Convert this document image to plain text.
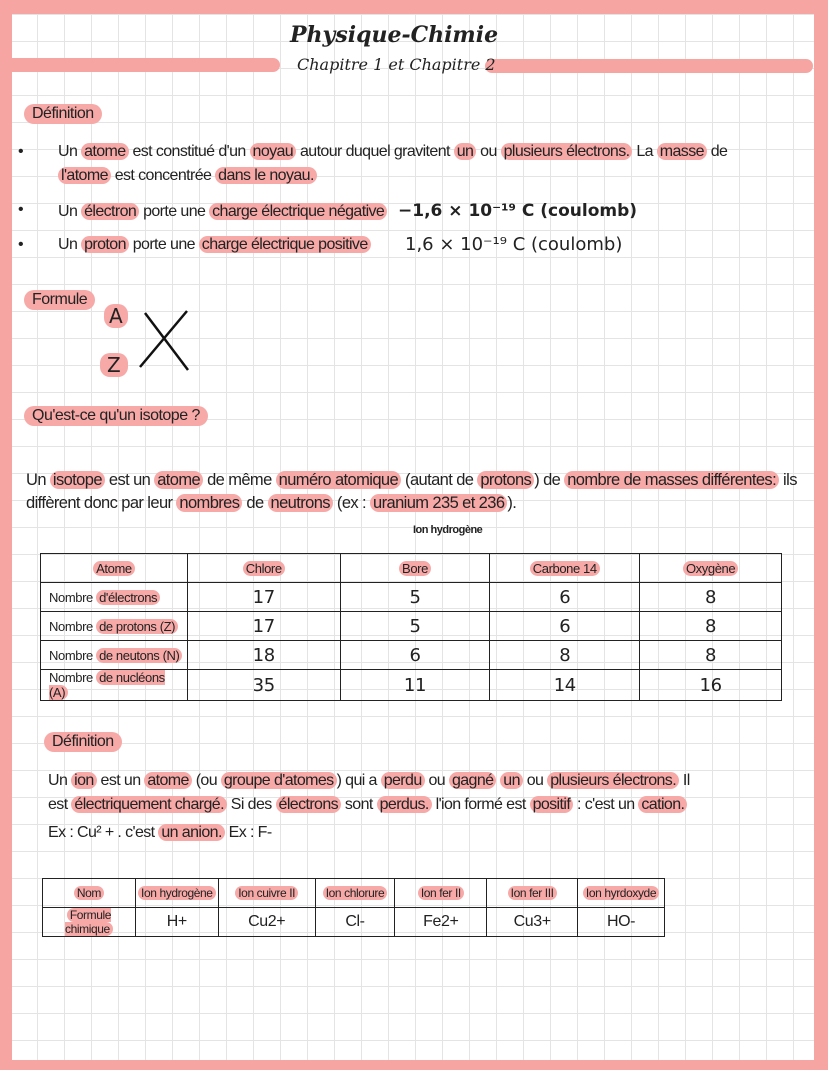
Physique-Chimie
Chapitre 1 et Chapitre 2
Définition
•
•
•
Un atome est constitué d'un noyau autour duquel gravitent un ou plusieurs électrons. La masse de
l'atome est concentrée dans le noyau.
Un électron porte une charge électrique négative
Un proton porte une charge électrique positive
−1,6 × 10⁻¹⁹ C (coulomb)
1,6 × 10⁻¹⁹ C (coulomb)
Formule
A
Z
Qu'est-ce qu'un isotope ?
Un isotope est un atome de même numéro atomique (autant de protons ) de nombre de masses différentes: ils
diffèrent donc par leur nombres de neutrons (ex : uranium 235 et 236 ).
Ion hydrogène
Atome	Chlore	Bore	Carbone 14	Oxygène
Nombre d'électrons	17	5	6	8
Nombre de protons (Z)	17	5	6	8
Nombre de neutons (N)	18	6	8	8
Nombre de nucléons (A)	35	11	14	16
Définition
Un ion est un atome (ou groupe d'atomes ) qui a perdu ou gagné un ou plusieurs électrons. Il
est électriquement chargé. Si des électrons sont perdus. l'ion formé est positif : c'est un cation.
Ex : Cu² + . c'est un anion. Ex : F-
Nom	Ion hydrogène	Ion cuivre II	Ion chlorure	Ion fer II	Ion fer III	Ion hyrdoxyde
Formule chimique	H+	Cu2+	Cl-	Fe2+	Cu3+	HO-
